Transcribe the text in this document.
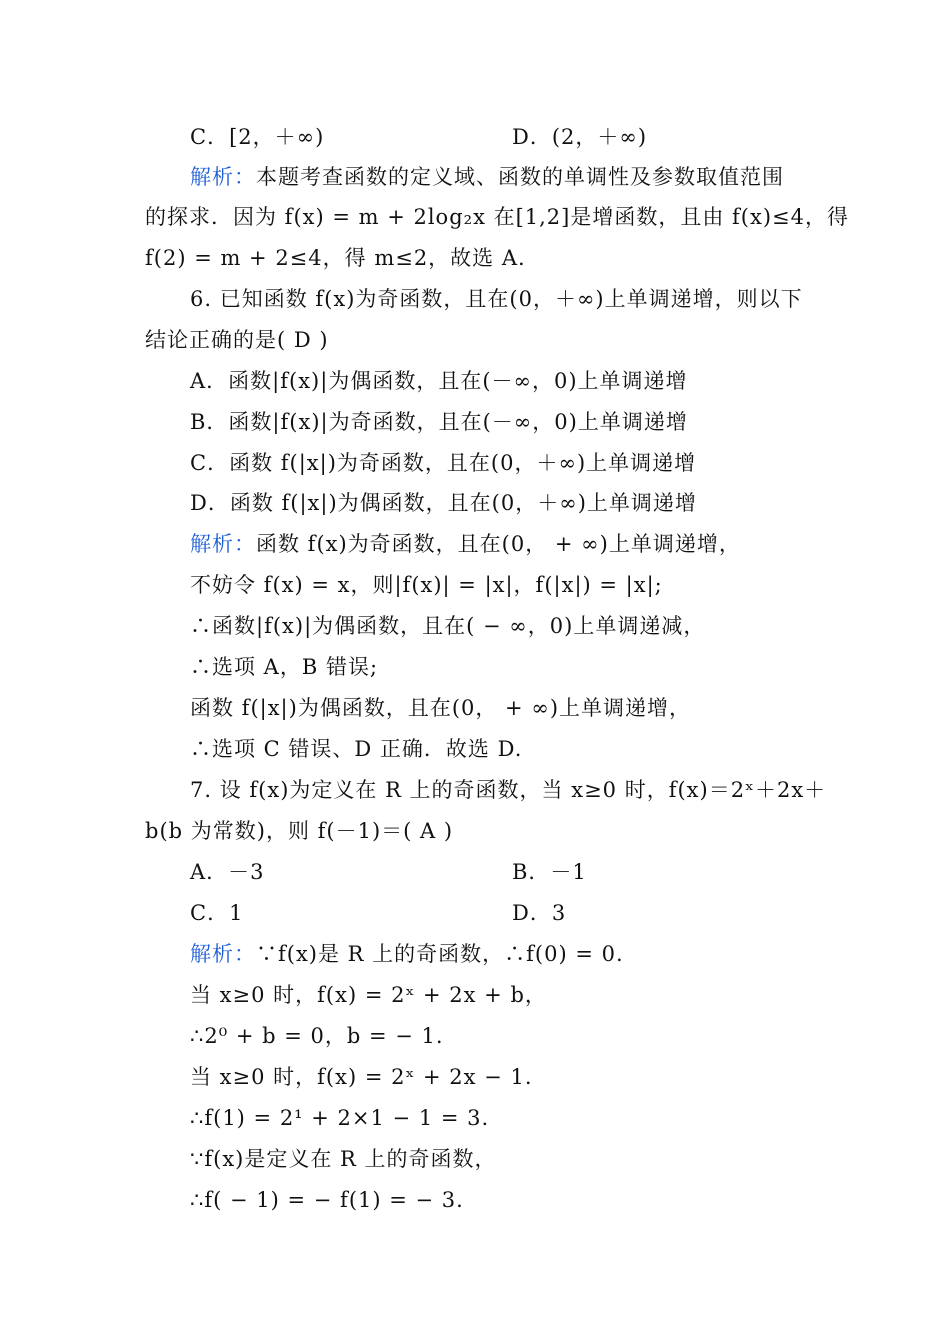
C．[2，＋∞)	D．(2，＋∞)
解析：本题考查函数的定义域、函数的单调性及参数取值范围
的探求．因为 f(x) = m + 2log₂x 在[1,2]是增函数，且由 f(x)≤4，得
f(2) = m + 2≤4，得 m≤2，故选 A.
6. 已知函数 f(x)为奇函数，且在(0，＋∞)上单调递增，则以下
结论正确的是( D )
A．函数|f(x)|为偶函数，且在(－∞，0)上单调递增
B．函数|f(x)|为奇函数，且在(－∞，0)上单调递增
C．函数 f(|x|)为奇函数，且在(0，＋∞)上单调递增
D．函数 f(|x|)为偶函数，且在(0，＋∞)上单调递增
解析：函数 f(x)为奇函数，且在(0， + ∞)上单调递增，
不妨令 f(x) = x，则|f(x)| = |x|，f(|x|) = |x|;
∴函数|f(x)|为偶函数，且在( − ∞，0)上单调递减，
∴选项 A，B 错误;
函数 f(|x|)为偶函数，且在(0， + ∞)上单调递增，
∴选项 C 错误、D 正确．故选 D.
7. 设 f(x)为定义在 R 上的奇函数，当 x≥0 时，f(x)＝2ˣ＋2x＋
b(b 为常数)，则 f(－1)＝( A )
A．－3	B．－1
C．1	D．3
解析：∵f(x)是 R 上的奇函数，∴f(0) = 0.
当 x≥0 时，f(x) = 2ˣ + 2x + b，
∴2⁰ + b = 0，b = − 1.
当 x≥0 时，f(x) = 2ˣ + 2x − 1.
∴f(1) = 2¹ + 2×1 − 1 = 3.
∵f(x)是定义在 R 上的奇函数，
∴f( − 1) = − f(1) = − 3.
